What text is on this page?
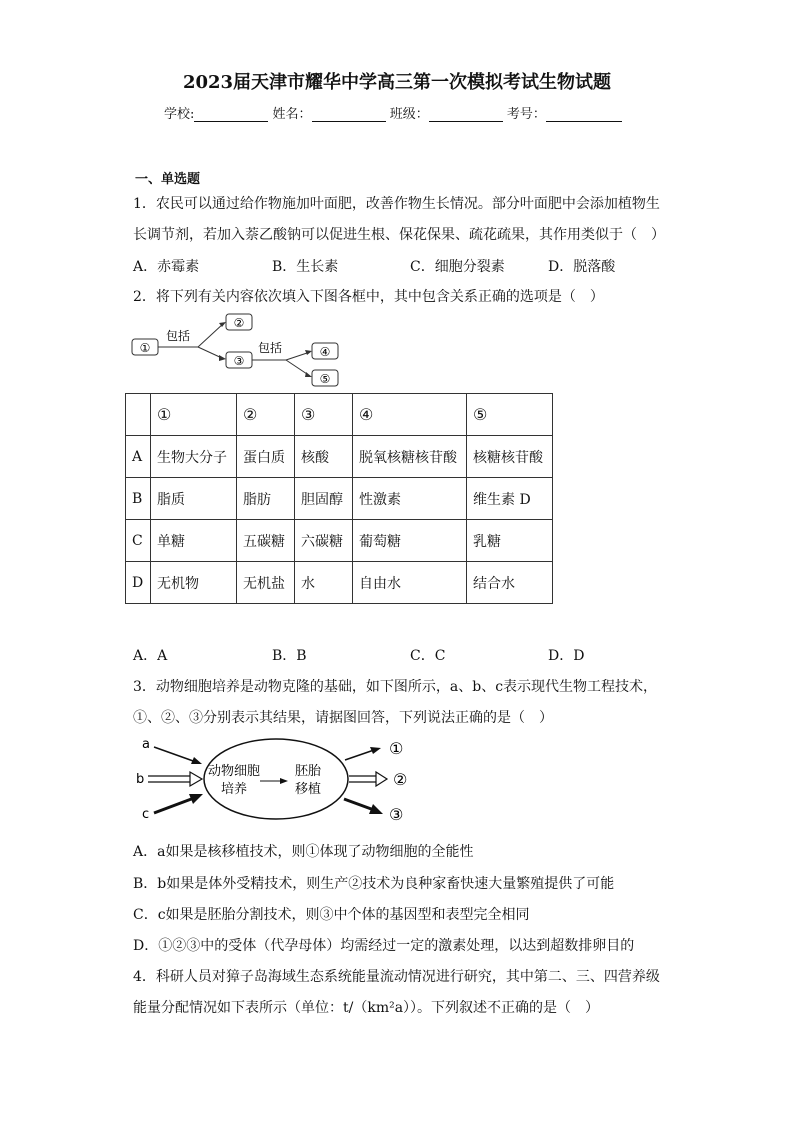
2023届天津市耀华中学高三第一次模拟考试生物试题
学校:	姓名：	班级：	考号：
一、单选题
1．农民可以通过给作物施加叶面肥，改善作物生长情况。部分叶面肥中会添加植物生
长调节剂，若加入萘乙酸钠可以促进生根、保花保果、疏花疏果，其作用类似于（　）
A．赤霉素	B．生长素	C．细胞分裂素	D．脱落酸
2．将下列有关内容依次填入下图各框中，其中包含关系正确的选项是（　）
①
包括
②
③
包括	④
⑤
	①	②	③	④	⑤
A	生物大分子	蛋白质	核酸	脱氧核糖核苷酸	核糖核苷酸
B	脂质	脂肪	胆固醇	性激素	维生素 D
C	单糖	五碳糖	六碳糖	葡萄糖	乳糖
D	无机物	无机盐	水	自由水	结合水
A．A	B．B	C．C	D．D
3．动物细胞培养是动物克隆的基础，如下图所示，a、b、c表示现代生物工程技术，
①、②、③分别表示其结果，请据图回答，下列说法正确的是（　）
a
b
c
动物细胞
培养
胚胎
移植
①
②
③
A．a如果是核移植技术，则①体现了动物细胞的全能性
B．b如果是体外受精技术，则生产②技术为良种家畜快速大量繁殖提供了可能
C．c如果是胚胎分割技术，则③中个体的基因型和表型完全相同
D．①②③中的受体（代孕母体）均需经过一定的激素处理，以达到超数排卵目的
4．科研人员对獐子岛海域生态系统能量流动情况进行研究，其中第二、三、四营养级
能量分配情况如下表所示（单位：t/（km²a））。下列叙述不正确的是（　）
